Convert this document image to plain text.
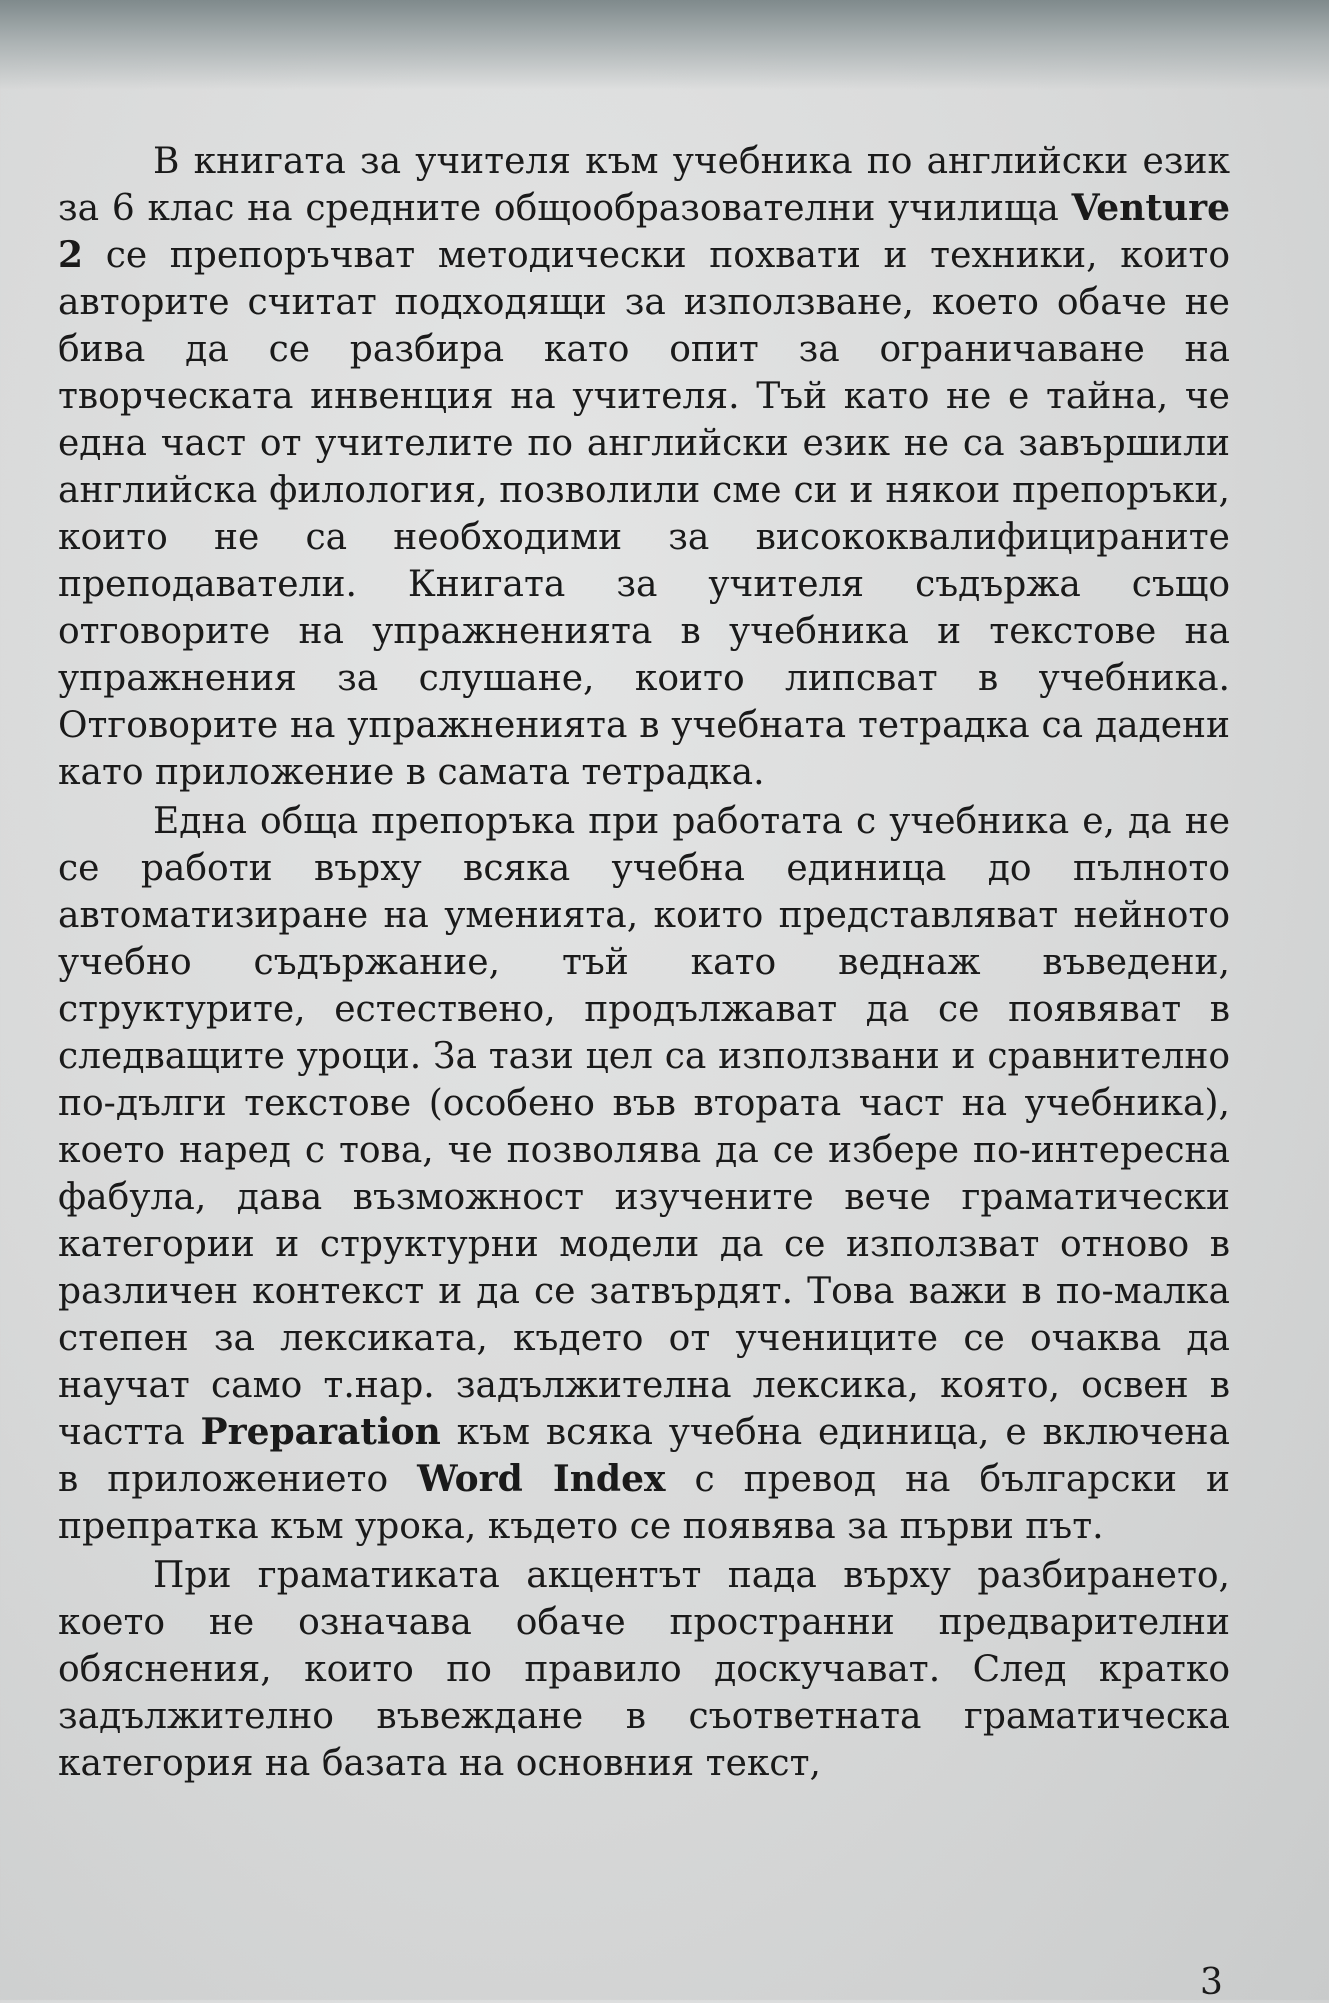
В книгата за учителя към учебника по английски език за 6 клас на средните общообразователни училища Venture 2 се препоръчват методически похвати и техники, които авторите считат подходящи за използване, което обаче не бива да се разбира като опит за ограничаване на творческата инвенция на учителя. Тъй като не е тайна, че една част от учителите по английски език не са завършили английска филология, позволили сме си и някои препоръки, които не са необходими за висококвалифицираните преподаватели. Книгата за учителя съдържа също отговорите на упражненията в учебника и текстове на упражнения за слушане, които липсват в учебника. Отговорите на упражненията в учебната тетрадка са дадени като приложение в самата тетрадка.

Една обща препоръка при работата с учебника е, да не се работи върху всяка учебна единица до пълното автоматизиране на уменията, които представляват нейното учебно съдържание, тъй като веднаж въведени, структурите, естествено, продължават да се появяват в следващите уроци. За тази цел са използвани и сравнително по-дълги текстове (особено във втората част на учебника), което наред с това, че позволява да се избере по-интересна фабула, дава възможност изучените вече граматически категории и структурни модели да се използват отново в различен контекст и да се затвърдят. Това важи в по-малка степен за лексиката, където от учениците се очаква да научат само т.нар. задължителна лексика, която, освен в частта Preparation към всяка учебна единица, е включена в приложението Word Index с превод на български и препратка към урока, където се появява за първи път.

При граматиката акцентът пада върху разбирането, което не означава обаче пространни предварителни обяснения, които по правило доскучават. След кратко задължително въвеждане в съответната граматическа категория на базата на основния текст,

3
